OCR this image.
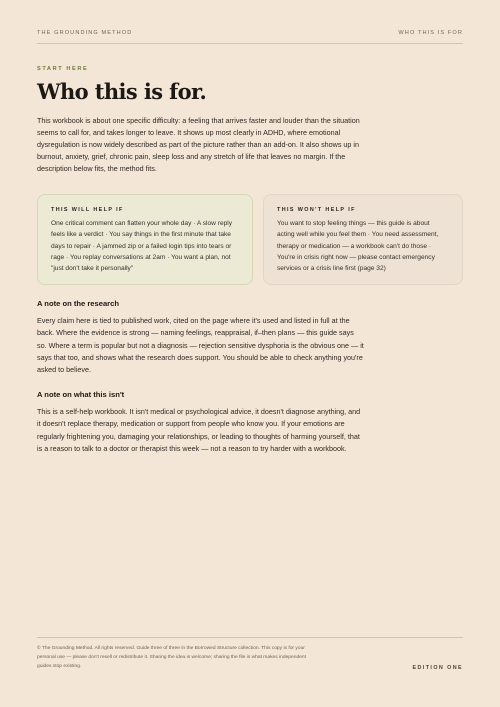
THE GROUNDING METHOD	WHO THIS IS FOR
START HERE
Who this is for.

This workbook is about one specific difficulty: a feeling that arrives faster and louder than the situation seems to call for, and takes longer to leave. It shows up most clearly in ADHD, where emotional dysregulation is now widely described as part of the picture rather than an add-on. It also shows up in burnout, anxiety, grief, chronic pain, sleep loss and any stretch of life that leaves no margin. If the description below fits, the method fits.

THIS WILL HELP IF
One critical comment can flatten your whole day · A slow reply feels like a verdict · You say things in the first minute that take days to repair · A jammed zip or a failed login tips into tears or rage · You replay conversations at 2am · You want a plan, not "just don't take it personally"
THIS WON'T HELP IF
You want to stop feeling things — this guide is about acting well while you feel them · You need assessment, therapy or medication — a workbook can't do those · You're in crisis right now — please contact emergency services or a crisis line first (page 32)
A note on the research

Every claim here is tied to published work, cited on the page where it's used and listed in full at the back. Where the evidence is strong — naming feelings, reappraisal, if–then plans — this guide says so. Where a term is popular but not a diagnosis — rejection sensitive dysphoria is the obvious one — it says that too, and shows what the research does support. You should be able to check anything you're asked to believe.

A note on what this isn't

This is a self-help workbook. It isn't medical or psychological advice, it doesn't diagnose anything, and it doesn't replace therapy, medication or support from people who know you. If your emotions are regularly frightening you, damaging your relationships, or leading to thoughts of harming yourself, that is a reason to talk to a doctor or therapist this week — not a reason to try harder with a workbook.

© The Grounding Method. All rights reserved. Guide three of three in the Borrowed Structure collection. This copy is for your personal use — please don't resell or redistribute it. Sharing the idea is welcome; sharing the file is what makes independent guides stop existing.	EDITION ONE
